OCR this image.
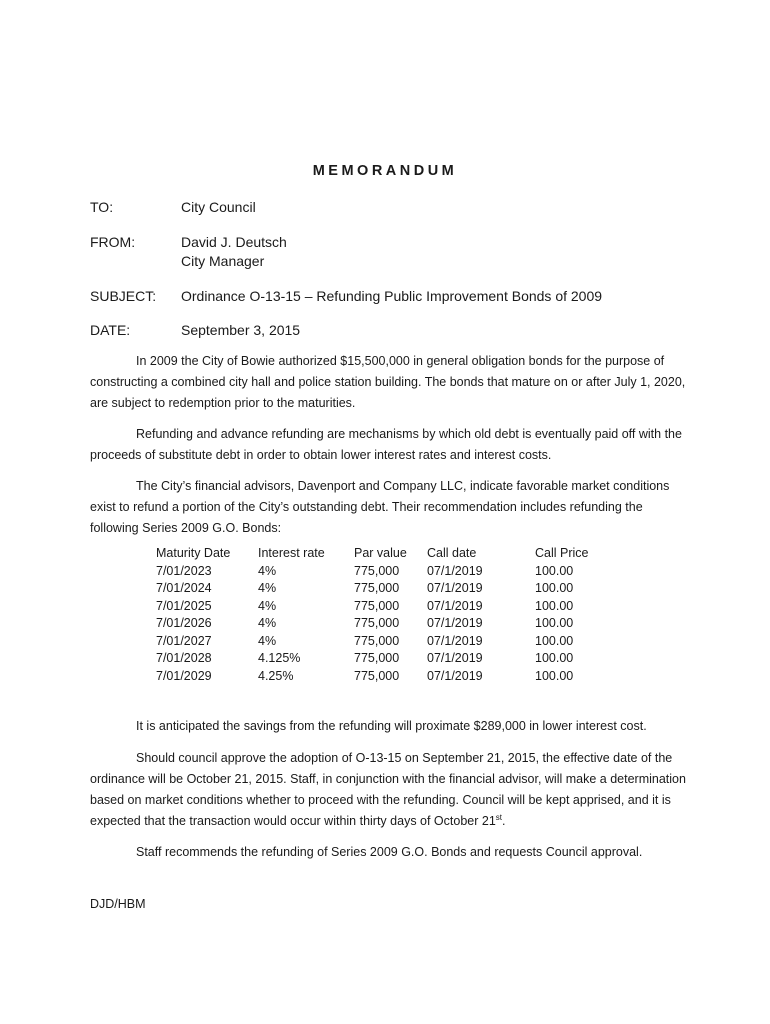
MEMORANDUM
TO:	City Council
FROM:	David J. Deutsch
City Manager
SUBJECT: Ordinance O-13-15 – Refunding Public Improvement Bonds of 2009
DATE:	September 3, 2015

In 2009 the City of Bowie authorized $15,500,000 in general obligation bonds for the purpose of constructing a combined city hall and police station building. The bonds that mature on or after July 1, 2020, are subject to redemption prior to the maturities.

Refunding and advance refunding are mechanisms by which old debt is eventually paid off with the proceeds of substitute debt in order to obtain lower interest rates and interest costs.

The City’s financial advisors, Davenport and Company LLC, indicate favorable market conditions exist to refund a portion of the City’s outstanding debt. Their recommendation includes refunding the following Series 2009 G.O. Bonds:

Maturity Date	Interest rate	Par value	Call date	Call Price
7/01/2023	4%	775,000	07/1/2019	100.00
7/01/2024	4%	775,000	07/1/2019	100.00
7/01/2025	4%	775,000	07/1/2019	100.00
7/01/2026	4%	775,000	07/1/2019	100.00
7/01/2027	4%	775,000	07/1/2019	100.00
7/01/2028	4.125%	775,000	07/1/2019	100.00
7/01/2029	4.25%	775,000	07/1/2019	100.00

It is anticipated the savings from the refunding will proximate $289,000 in lower interest cost.

Should council approve the adoption of O-13-15 on September 21, 2015, the effective date of the ordinance will be October 21, 2015. Staff, in conjunction with the financial advisor, will make a determination based on market conditions whether to proceed with the refunding. Council will be kept apprised, and it is expected that the transaction would occur within thirty days of October 21st.

Staff recommends the refunding of Series 2009 G.O. Bonds and requests Council approval.

DJD/HBM
